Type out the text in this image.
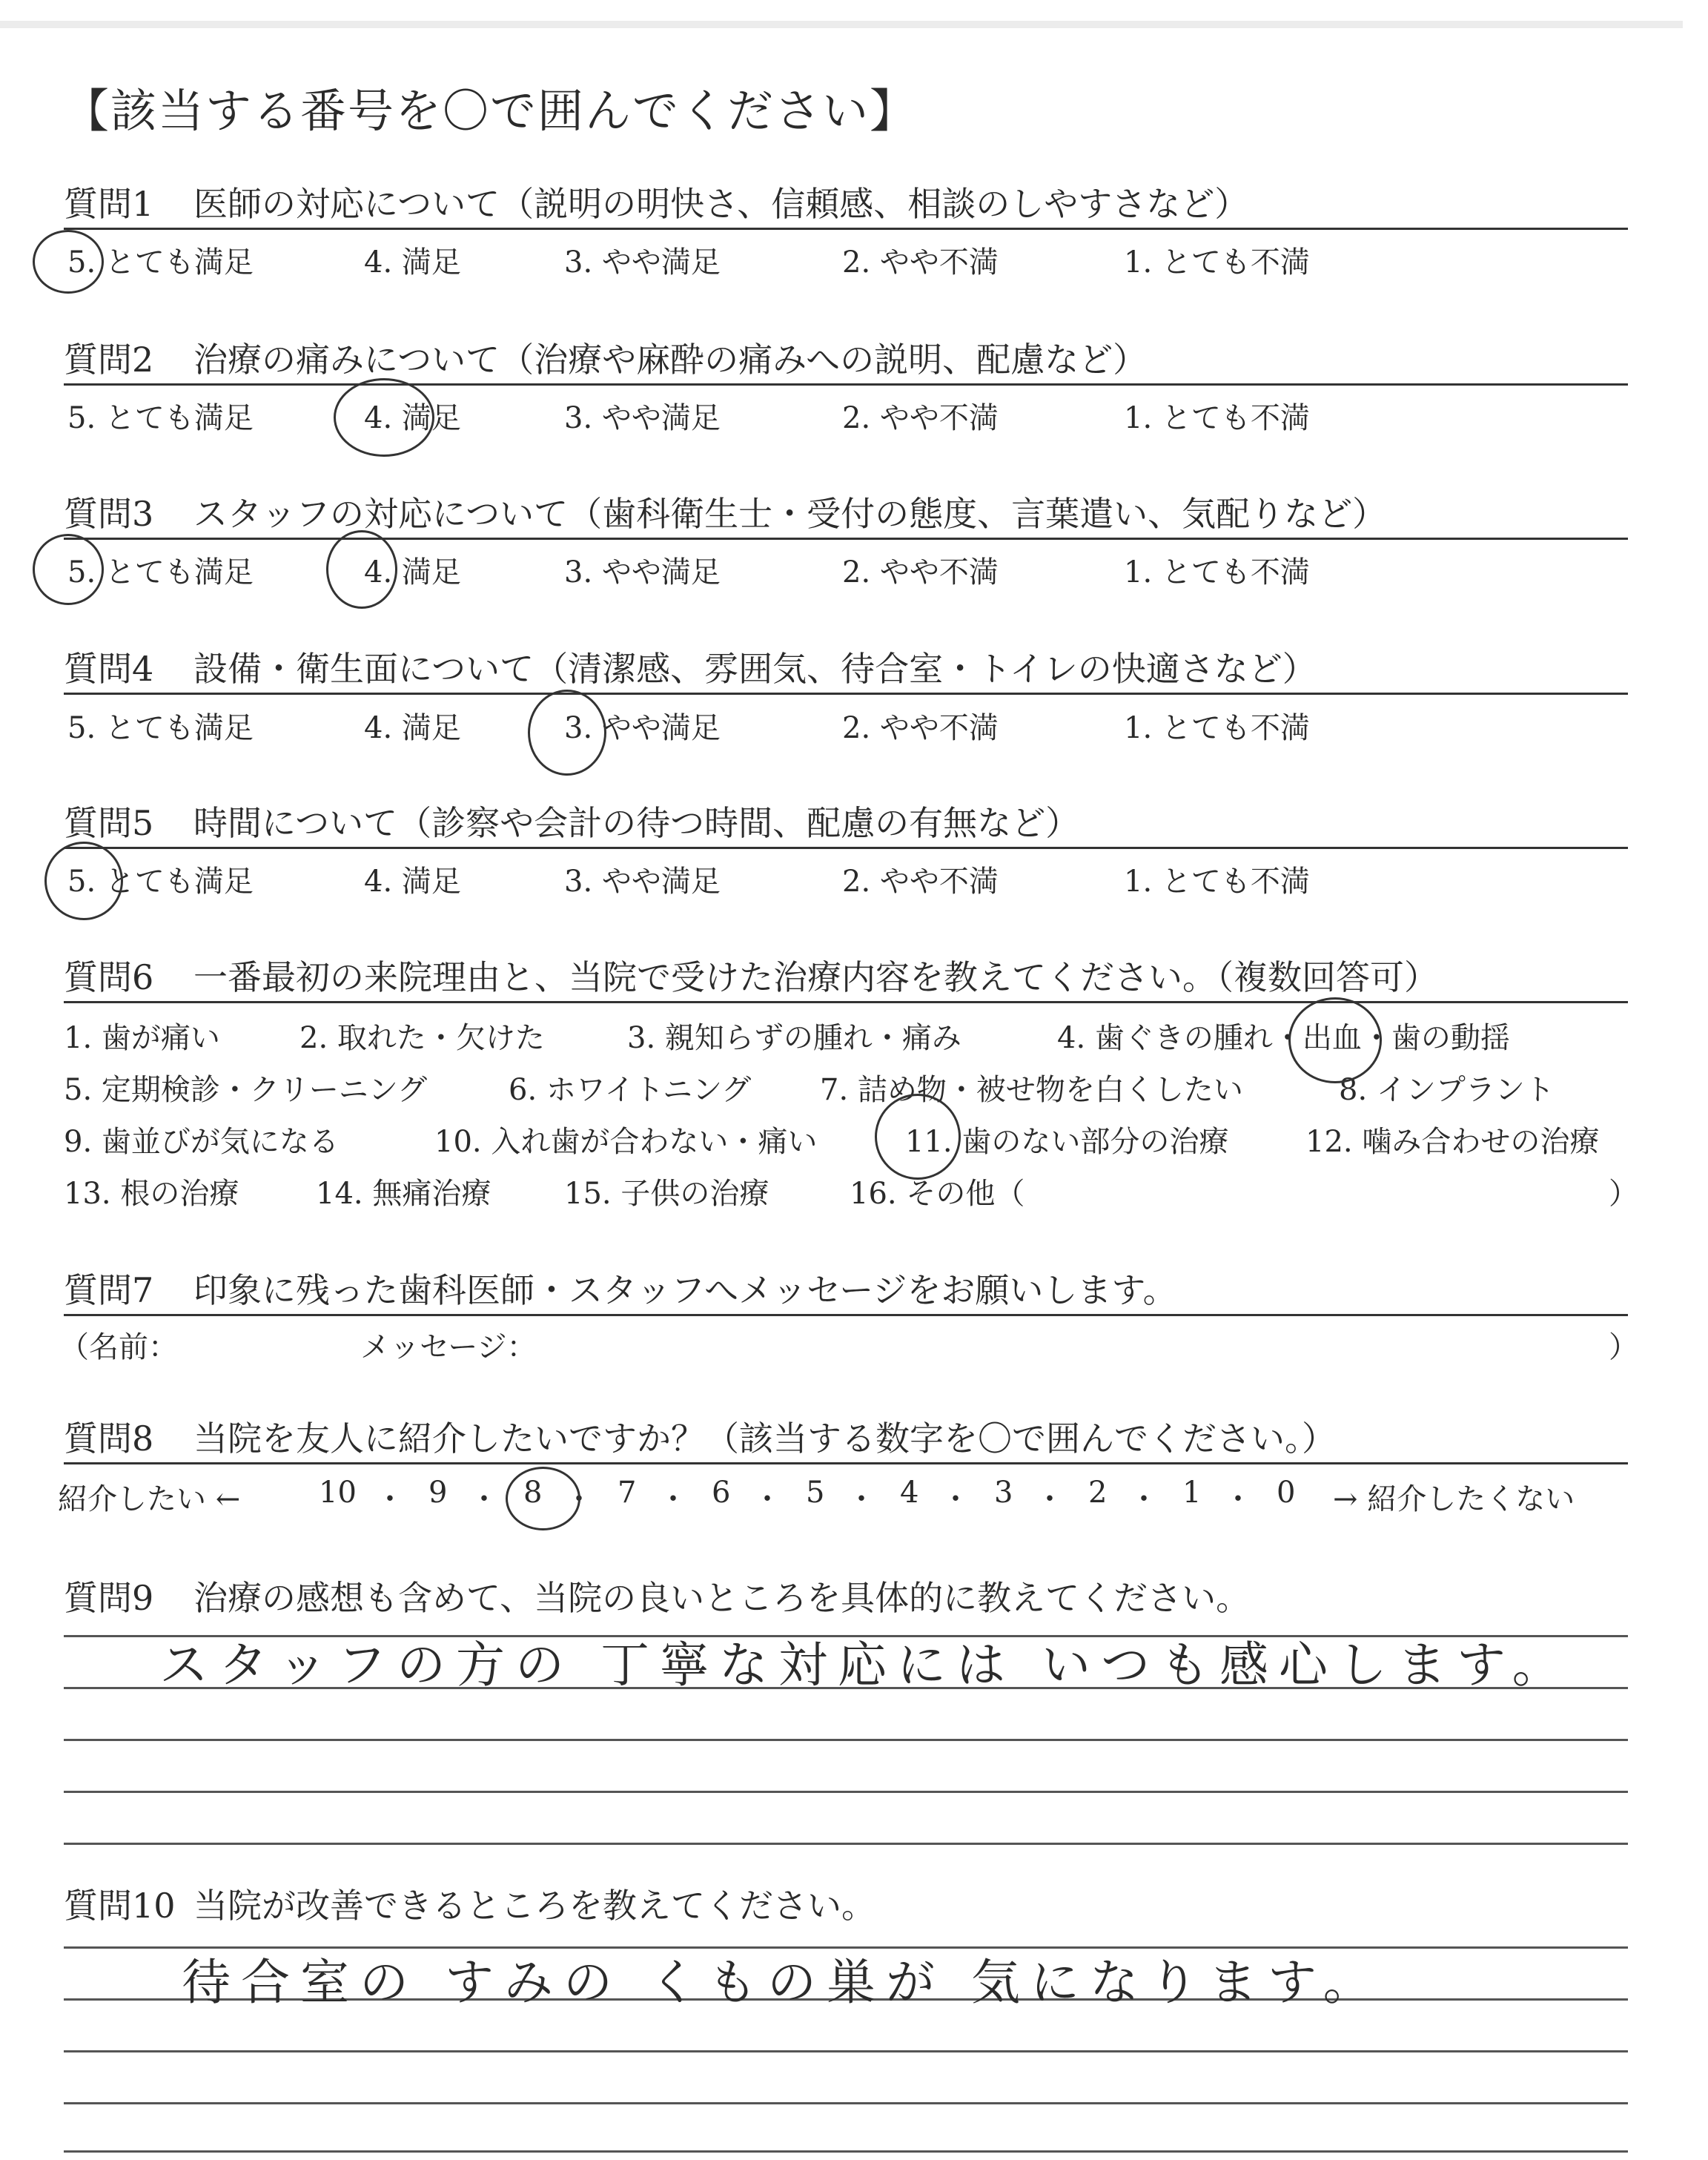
【該当する番号を〇で囲んでください】
質問1 医師の対応について（説明の明快さ、信頼感、相談のしやすさなど）
5. とても満足	4. 満足	3. やや満足	2. やや不満	1. とても不満
質問2 治療の痛みについて（治療や麻酔の痛みへの説明、配慮など）
5. とても満足	4. 満足	3. やや満足	2. やや不満	1. とても不満
質問3 スタッフの対応について（歯科衛生士・受付の態度、言葉遣い、気配りなど）
5. とても満足	4. 満足	3. やや満足	2. やや不満	1. とても不満
質問4 設備・衛生面について（清潔感、雰囲気、待合室・トイレの快適さなど）
5. とても満足	4. 満足	3. やや満足	2. やや不満	1. とても不満
質問5 時間について（診察や会計の待つ時間、配慮の有無など）
5. とても満足	4. 満足	3. やや満足	2. やや不満	1. とても不満
質問6 一番最初の来院理由と、当院で受けた治療内容を教えてください。（複数回答可）
1. 歯が痛い	2. 取れた・欠けた	3. 親知らずの腫れ・痛み	4. 歯ぐきの腫れ・出血・歯の動揺
5. 定期検診・クリーニング	6. ホワイトニング 7. 詰め物・被せ物を白くしたい	8. インプラント
9. 歯並びが気になる	10. 入れ歯が合わない・痛い	11. 歯のない部分の治療	12. 噛み合わせの治療
13. 根の治療	14. 無痛治療 15. 子供の治療	16. その他（	）
質問7 印象に残った歯科医師・スタッフへメッセージをお願いします。
（名前：	メッセージ：	）
質問8 当院を友人に紹介したいですか？（該当する数字を〇で囲んでください。）
紹介したい ←	10 ・ 9 ・ 8 ・ 7 ・ 6 ・ 5 ・ 4 ・ 3 ・ 2 ・ 1 ・ 0 → 紹介したくない
質問9 治療の感想も含めて、当院の良いところを具体的に教えてください。
スタッフの方の 丁寧な対応には いつも感心します。
質問10 当院が改善できるところを教えてください。
待合室の すみの くもの巣が 気になります。
